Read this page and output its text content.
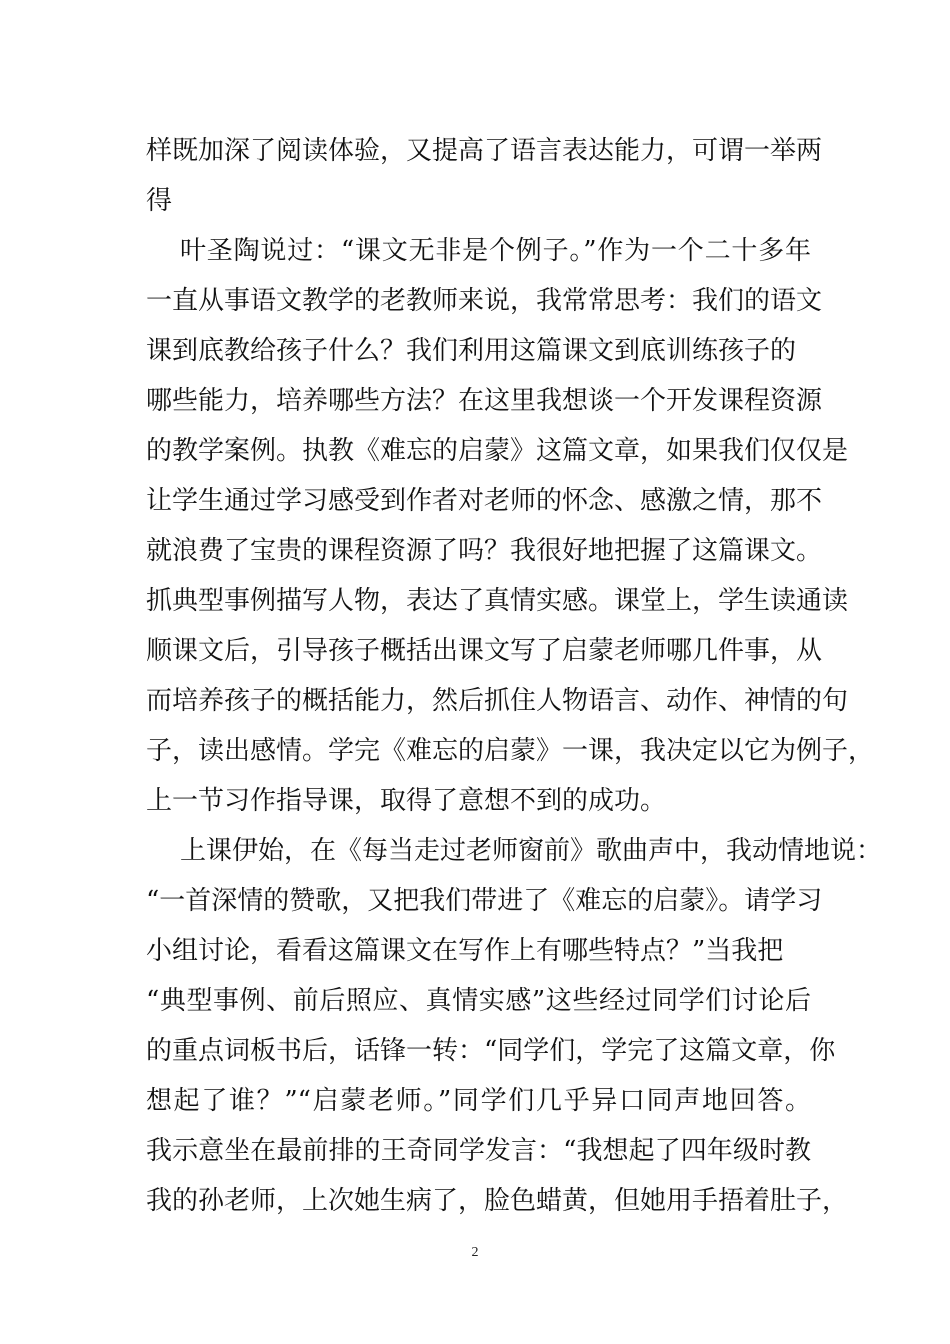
样既加深了阅读体验，又提高了语言表达能力，可谓一举两
得
叶圣陶说过：“课文无非是个例子。”作为一个二十多年
一直从事语文教学的老教师来说，我常常思考：我们的语文
课到底教给孩子什么？我们利用这篇课文到底训练孩子的
哪些能力，培养哪些方法？在这里我想谈一个开发课程资源
的教学案例。执教《难忘的启蒙》这篇文章，如果我们仅仅是
让学生通过学习感受到作者对老师的怀念、感激之情，那不
就浪费了宝贵的课程资源了吗？我很好地把握了这篇课文。
抓典型事例描写人物，表达了真情实感。课堂上，学生读通读
顺课文后，引导孩子概括出课文写了启蒙老师哪几件事，从
而培养孩子的概括能力，然后抓住人物语言、动作、神情的句
子，读出感情。学完《难忘的启蒙》一课，我决定以它为例子，
上一节习作指导课，取得了意想不到的成功。
上课伊始，在《每当走过老师窗前》歌曲声中，我动情地说：
“一首深情的赞歌，又把我们带进了《难忘的启蒙》。请学习
小组讨论，看看这篇课文在写作上有哪些特点？”当我把
“典型事例、前后照应、真情实感”这些经过同学们讨论后
的重点词板书后，话锋一转：“同学们，学完了这篇文章，你
想起了谁？”“启蒙老师。”同学们几乎异口同声地回答。
我示意坐在最前排的王奇同学发言：“我想起了四年级时教
我的孙老师，上次她生病了，脸色蜡黄，但她用手捂着肚子，
2
